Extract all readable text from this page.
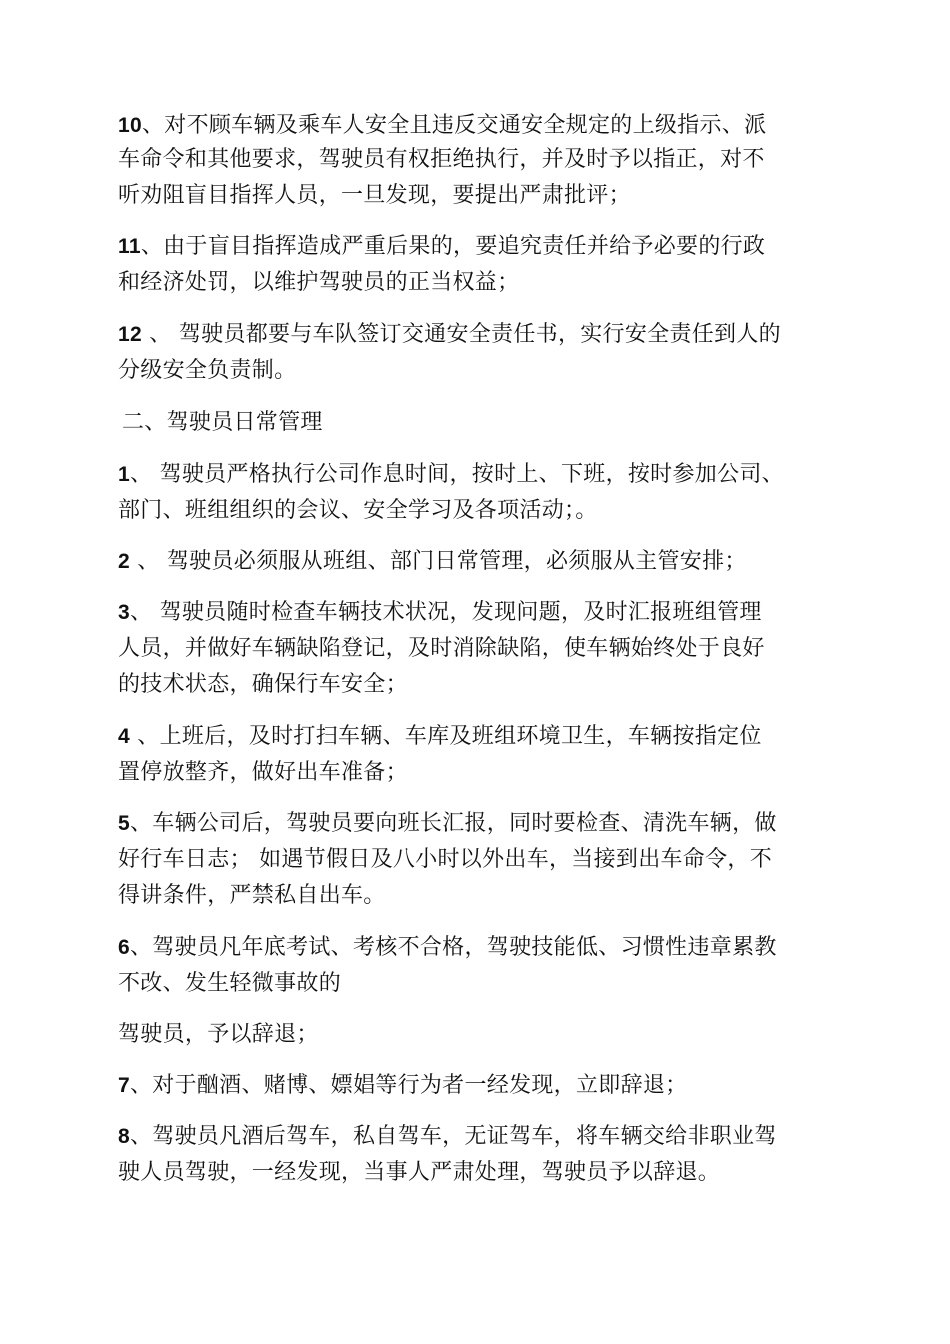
10、对不顾车辆及乘车人安全且违反交通安全规定的上级指示、派
车命令和其他要求，驾驶员有权拒绝执行，并及时予以指正，对不
听劝阻盲目指挥人员，一旦发现，要提出严肃批评；
11、由于盲目指挥造成严重后果的，要追究责任并给予必要的行政
和经济处罚，以维护驾驶员的正当权益；
12 、 驾驶员都要与车队签订交通安全责任书，实行安全责任到人的
分级安全负责制。
二、驾驶员日常管理
1、 驾驶员严格执行公司作息时间，按时上、下班，按时参加公司、
部门、班组组织的会议、安全学习及各项活动；。
2 、 驾驶员必须服从班组、部门日常管理，必须服从主管安排；
3、 驾驶员随时检查车辆技术状况，发现问题，及时汇报班组管理
人员，并做好车辆缺陷登记，及时消除缺陷，使车辆始终处于良好
的技术状态，确保行车安全；
4 、上班后，及时打扫车辆、车库及班组环境卫生，车辆按指定位
置停放整齐，做好出车准备；
5、车辆公司后，驾驶员要向班长汇报，同时要检查、清洗车辆，做
好行车日志； 如遇节假日及八小时以外出车，当接到出车命令，不
得讲条件，严禁私自出车。
6、驾驶员凡年底考试、考核不合格，驾驶技能低、习惯性违章累教
不改、发生轻微事故的
驾驶员，予以辞退；
7、对于酗酒、赌博、嫖娼等行为者一经发现，立即辞退；
8、驾驶员凡酒后驾车，私自驾车，无证驾车，将车辆交给非职业驾
驶人员驾驶，一经发现，当事人严肃处理，驾驶员予以辞退。
